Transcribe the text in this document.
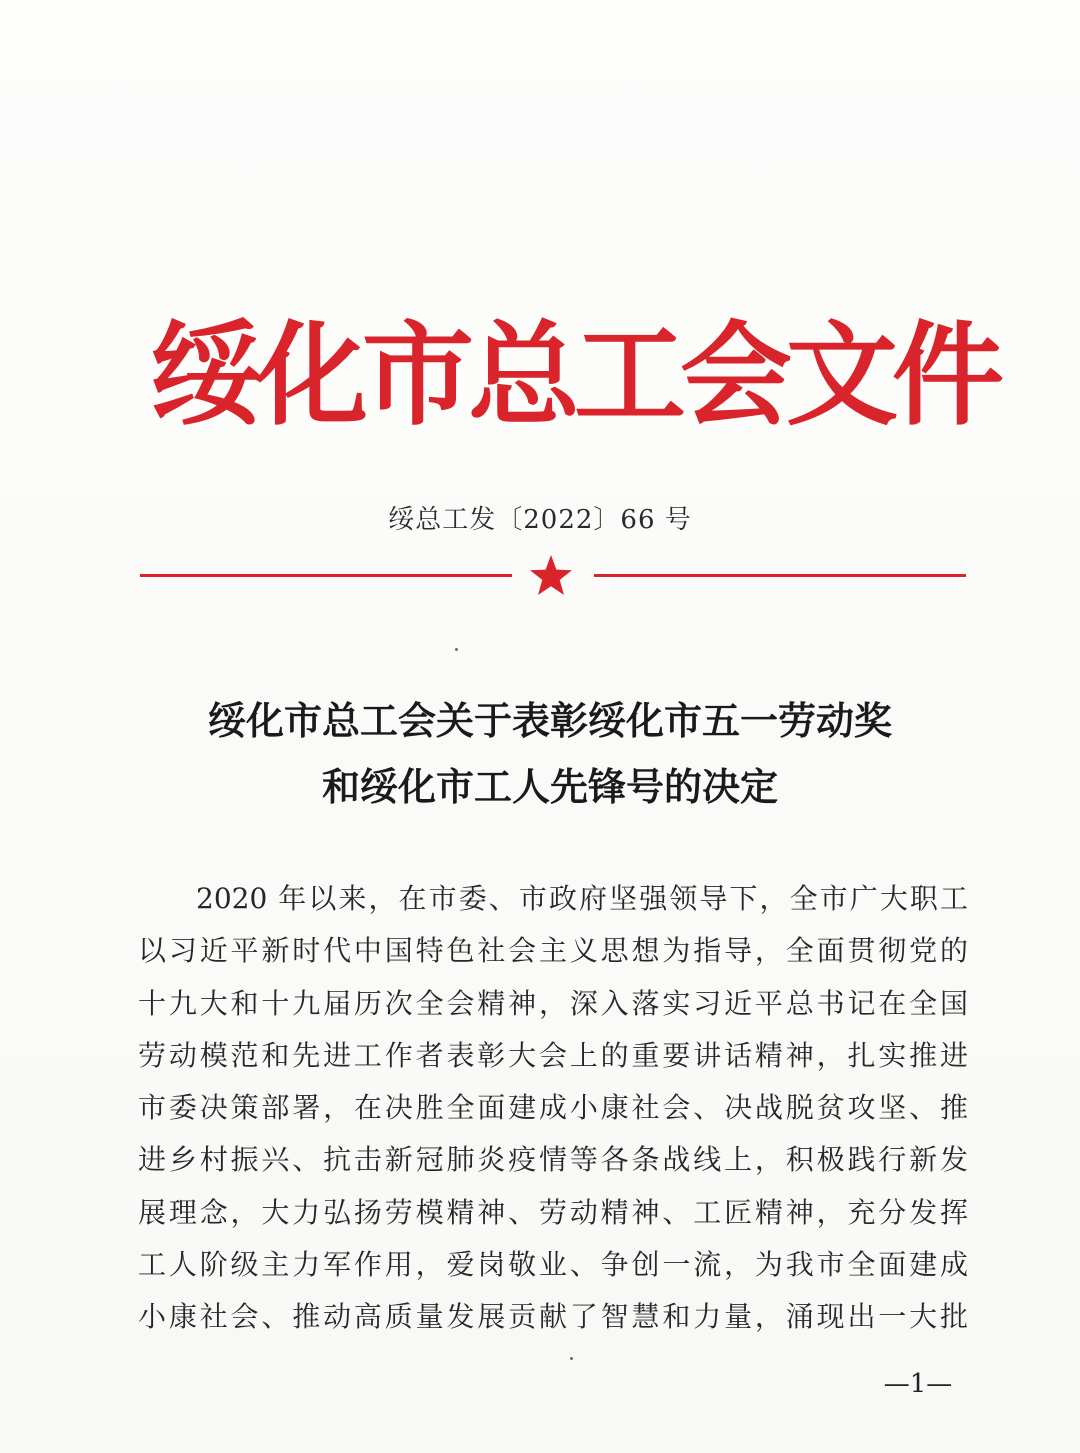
绥化市总工会文件
绥总工发〔2022〕66 号
绥化市总工会关于表彰绥化市五一劳动奖
和绥化市工人先锋号的决定
2020 年以来，在市委、市政府坚强领导下，全市广大职工
以习近平新时代中国特色社会主义思想为指导，全面贯彻党的
十九大和十九届历次全会精神，深入落实习近平总书记在全国
劳动模范和先进工作者表彰大会上的重要讲话精神，扎实推进
市委决策部署，在决胜全面建成小康社会、决战脱贫攻坚、推
进乡村振兴、抗击新冠肺炎疫情等各条战线上，积极践行新发
展理念，大力弘扬劳模精神、劳动精神、工匠精神，充分发挥
工人阶级主力军作用，爱岗敬业、争创一流，为我市全面建成
小康社会、推动高质量发展贡献了智慧和力量，涌现出一大批
—1—
